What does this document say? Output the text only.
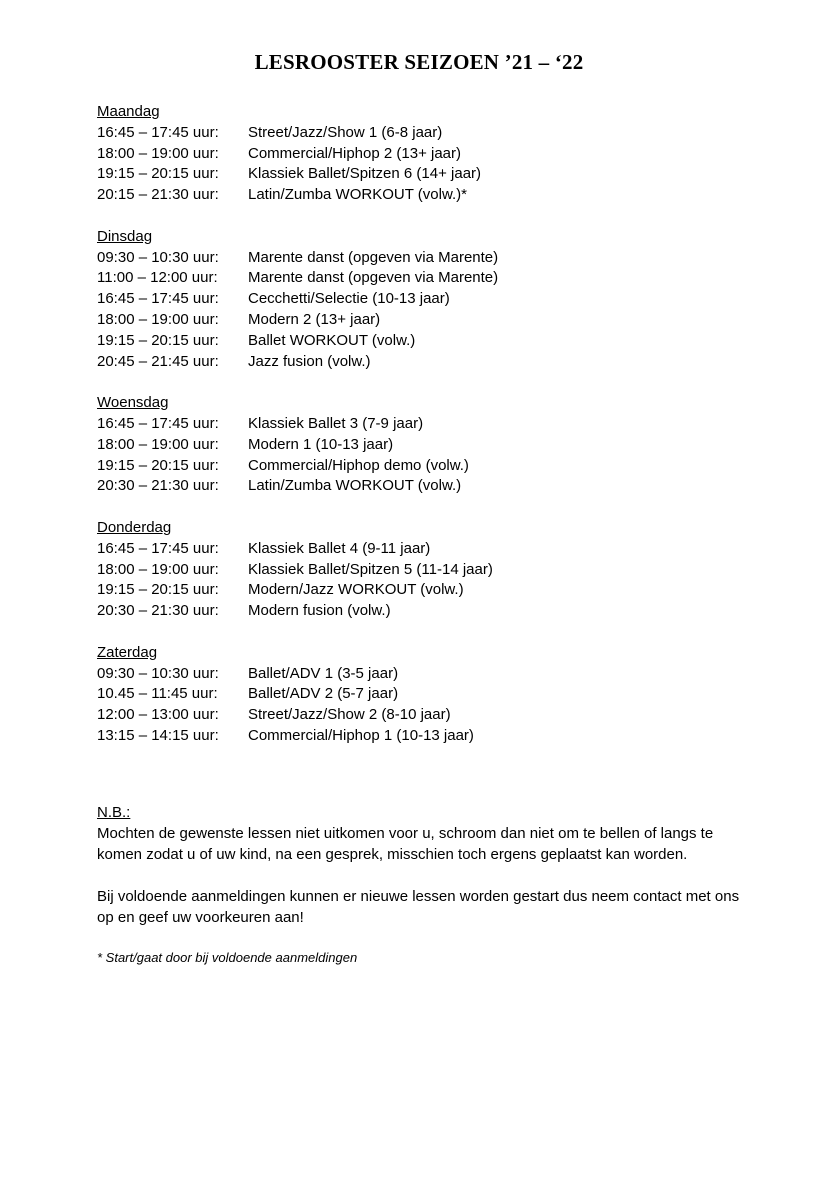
LESROOSTER SEIZOEN ’21 – ‘22
Maandag
16:45 – 17:45 uur:	Street/Jazz/Show 1 (6-8 jaar)
18:00 – 19:00 uur:	Commercial/Hiphop 2 (13+ jaar)
19:15 – 20:15 uur:	Klassiek Ballet/Spitzen 6 (14+ jaar)
20:15 – 21:30 uur:	Latin/Zumba WORKOUT (volw.)*
Dinsdag
09:30 – 10:30 uur:	Marente danst (opgeven via Marente)
11:00 – 12:00 uur:	Marente danst (opgeven via Marente)
16:45 – 17:45 uur:	Cecchetti/Selectie (10-13 jaar)
18:00 – 19:00 uur:	Modern 2 (13+ jaar)
19:15 – 20:15 uur:	Ballet WORKOUT (volw.)
20:45 – 21:45 uur:	Jazz fusion (volw.)
Woensdag
16:45 – 17:45 uur:	Klassiek Ballet 3 (7-9 jaar)
18:00 – 19:00 uur:	Modern 1 (10-13 jaar)
19:15 – 20:15 uur:	Commercial/Hiphop demo (volw.)
20:30 – 21:30 uur:	Latin/Zumba WORKOUT (volw.)
Donderdag
16:45 – 17:45 uur:	Klassiek Ballet 4 (9-11 jaar)
18:00 – 19:00 uur:	Klassiek Ballet/Spitzen 5 (11-14 jaar)
19:15 – 20:15 uur:	Modern/Jazz WORKOUT (volw.)
20:30 – 21:30 uur:	Modern fusion (volw.)
Zaterdag
09:30 – 10:30 uur:	Ballet/ADV 1 (3-5 jaar)
10.45 – 11:45 uur:	Ballet/ADV 2 (5-7 jaar)
12:00 – 13:00 uur:	Street/Jazz/Show 2 (8-10 jaar)
13:15 – 14:15 uur:	Commercial/Hiphop 1 (10-13 jaar)
N.B.:

Mochten de gewenste lessen niet uitkomen voor u, schroom dan niet om te bellen of langs te komen zodat u of uw kind, na een gesprek, misschien toch ergens geplaatst kan worden.

Bij voldoende aanmeldingen kunnen er nieuwe lessen worden gestart dus neem contact met ons op en geef uw voorkeuren aan!

* Start/gaat door bij voldoende aanmeldingen
